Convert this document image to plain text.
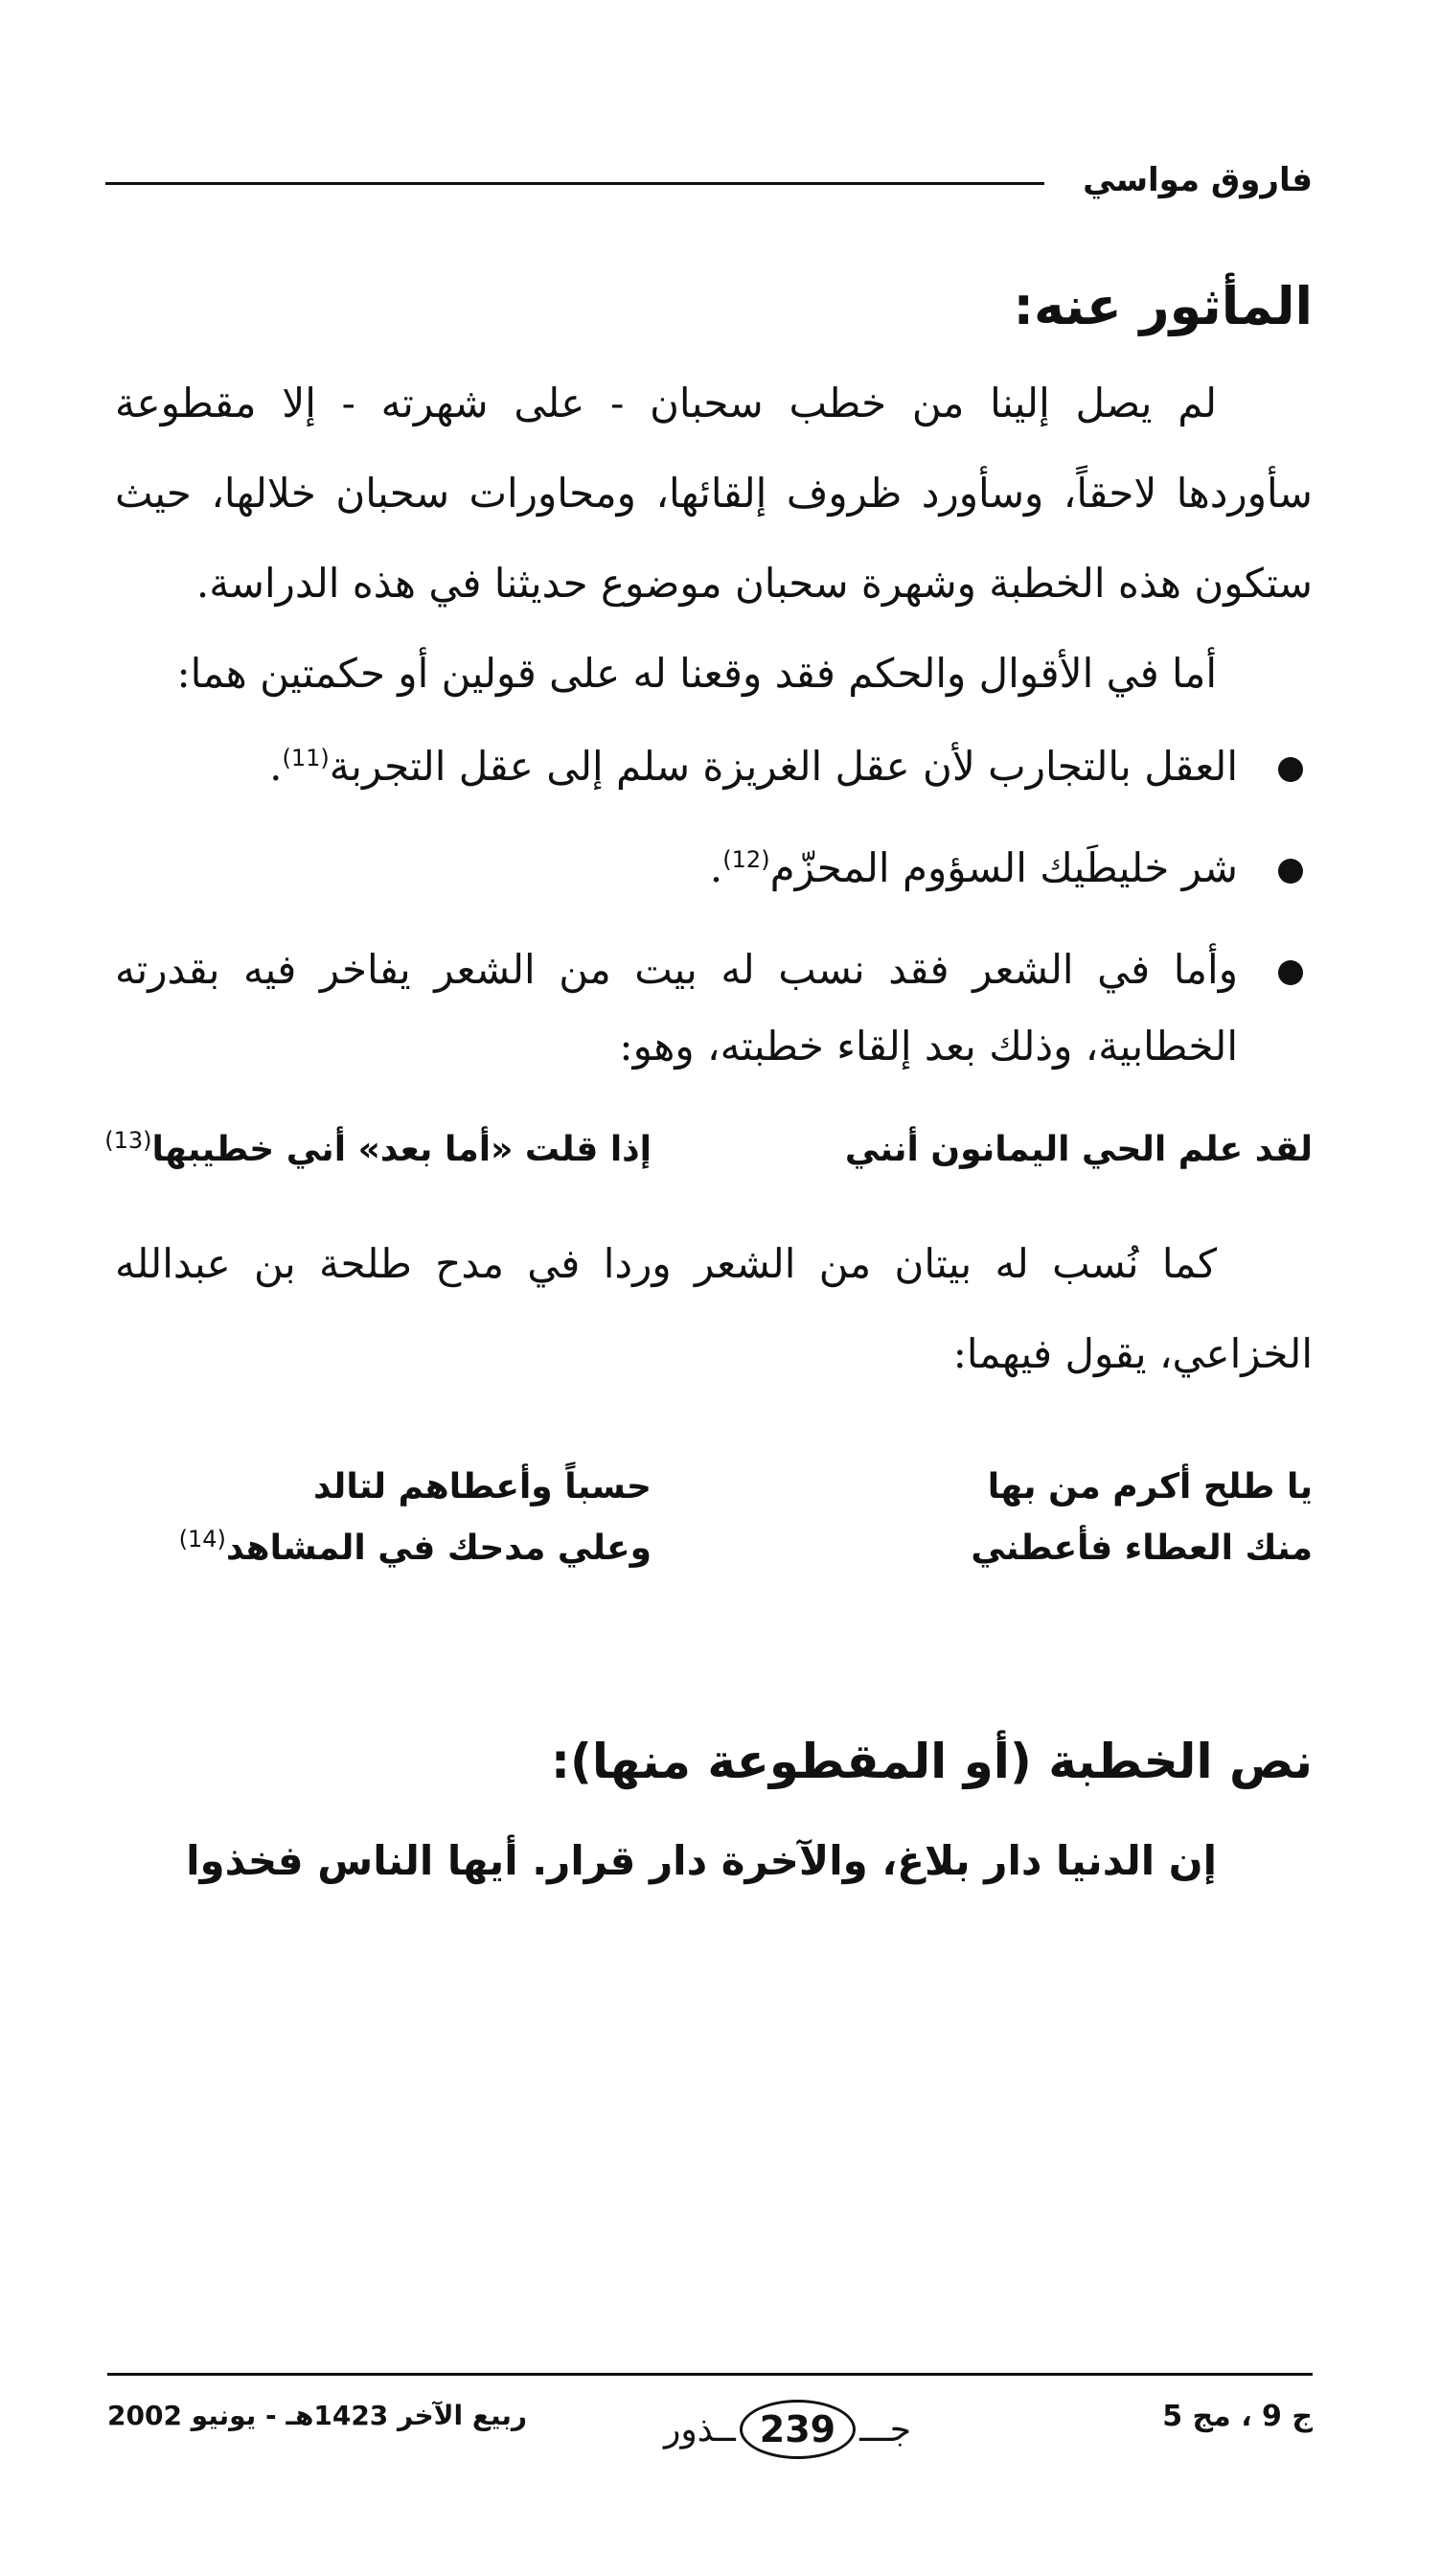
فاروق مواسي
المأثور عنه:

لم يصل إلينا من خطب سحبان - على شهرته - إلا مقطوعة سأوردها لاحقاً، وسأورد ظروف إلقائها، ومحاورات سحبان خلالها، حيث ستكون هذه الخطبة وشهرة سحبان موضوع حديثنا في هذه الدراسة.

أما في الأقوال والحكم فقد وقعنا له على قولين أو حكمتين هما:

العقل بالتجارب لأن عقل الغريزة سلم إلى عقل التجربة$^{(11)}$.
شر خليطَيك السؤوم المحزّم$^{(12)}$.
وأما في الشعر فقد نسب له بيت من الشعر يفاخر فيه بقدرته الخطابية، وذلك بعد إلقاء خطبته، وهو:
لقد علم الحي اليمانون أنني
إذا قلت «أما بعد» أني خطيبها$^{(13)}$

كما نُسب له بيتان من الشعر وردا في مدح طلحة بن عبدالله الخزاعي، يقول فيهما:

يا طلح أكرم من بها
حسباً وأعطاهم لتالد
منك العطاء فأعطني
وعلي مدحك في المشاهد$^{(14)}$
نص الخطبة (أو المقطوعة منها):

إن الدنيا دار بلاغ، والآخرة دار قرار. أيها الناس فخذوا

ج 9 ، مج 5
جـــ
239
ــذور
ربيع الآخر 1423هـ - يونيو 2002
